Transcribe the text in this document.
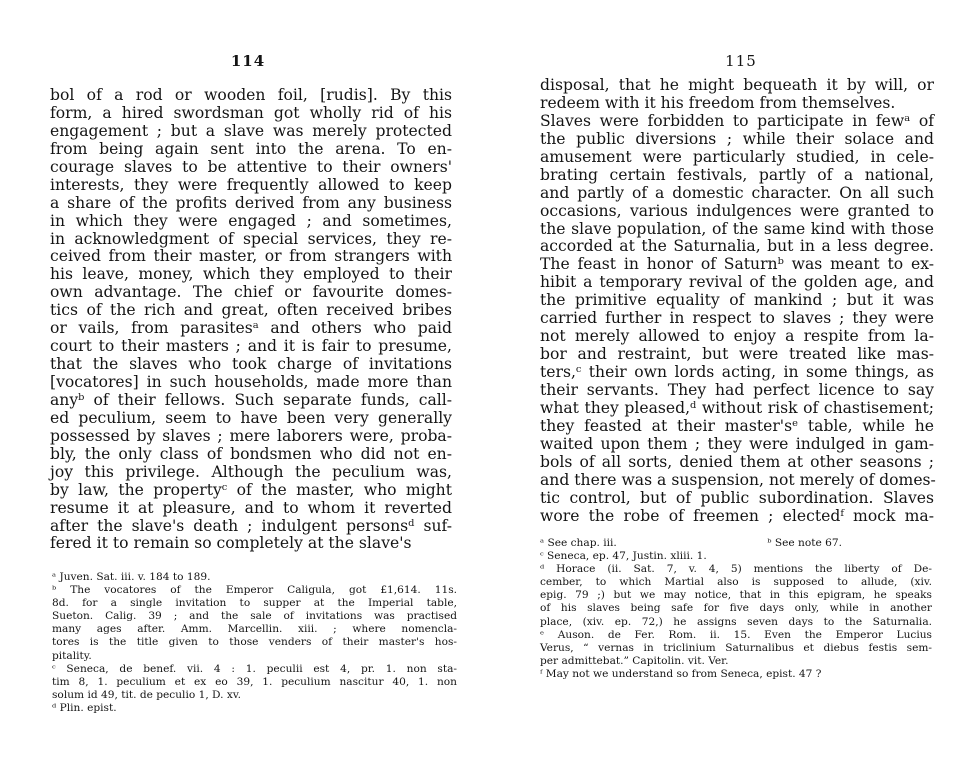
114
bol of a rod or wooden foil, [rudis]. By this
form, a hired swordsman got wholly rid of his
engagement ; but a slave was merely protected
from being again sent into the arena. To en-
courage slaves to be attentive to their owners'
interests, they were frequently allowed to keep
a share of the profits derived from any business
in which they were engaged ; and sometimes,
in acknowledgment of special services, they re-
ceived from their master, or from strangers with
his leave, money, which they employed to their
own advantage. The chief or favourite domes-
tics of the rich and great, often received bribes
or vails, from parasitesᵃ and others who paid
court to their masters ; and it is fair to presume,
that the slaves who took charge of invitations
[vocatores] in such households, made more than
anyᵇ of their fellows. Such separate funds, call-
ed peculium, seem to have been very generally
possessed by slaves ; mere laborers were, proba-
bly, the only class of bondsmen who did not en-
joy this privilege. Although the peculium was,
by law, the propertyᶜ of the master, who might
resume it at pleasure, and to whom it reverted
after the slave's death ; indulgent personsᵈ suf-
fered it to remain so completely at the slave's
ᵃ Juven. Sat. iii. v. 184 to 189.
ᵇ The vocatores of the Emperor Caligula, got £1,614. 11s.
8d. for a single invitation to supper at the Imperial table,
Sueton. Calig. 39 ; and the sale of invitations was practised
many ages after. Amm. Marcellin. xiii. ; where nomencla-
tores is the title given to those venders of their master's hos-
pitality.
ᶜ Seneca, de benef. vii. 4 : 1. peculii est 4, pr. 1. non sta-
tim 8, 1. peculium et ex eo 39, 1. peculium nascitur 40, 1. non
solum id 49, tit. de peculio 1, D. xv.
ᵈ Plin. epist.
115
disposal, that he might bequeath it by will, or
redeem with it his freedom from themselves.
Slaves were forbidden to participate in fewᵃ of
the public diversions ; while their solace and
amusement were particularly studied, in cele-
brating certain festivals, partly of a national,
and partly of a domestic character. On all such
occasions, various indulgences were granted to
the slave population, of the same kind with those
accorded at the Saturnalia, but in a less degree.
The feast in honor of Saturnᵇ was meant to ex-
hibit a temporary revival of the golden age, and
the primitive equality of mankind ; but it was
carried further in respect to slaves ; they were
not merely allowed to enjoy a respite from la-
bor and restraint, but were treated like mas-
ters,ᶜ their own lords acting, in some things, as
their servants. They had perfect licence to say
what they pleased,ᵈ without risk of chastisement;
they feasted at their master'sᵉ table, while he
waited upon them ; they were indulged in gam-
bols of all sorts, denied them at other seasons ;
and there was a suspension, not merely of domes-
tic control, but of public subordination. Slaves
wore the robe of freemen ; electedᶠ mock ma-
ᵃ See chap. iii.	ᵇ See note 67.
ᶜ Seneca, ep. 47, Justin. xliii. 1.
ᵈ Horace (ii. Sat. 7, v. 4, 5) mentions the liberty of De-
cember, to which Martial also is supposed to allude, (xiv.
epig. 79 ;) but we may notice, that in this epigram, he speaks
of his slaves being safe for five days only, while in another
place, (xiv. ep. 72,) he assigns seven days to the Saturnalia.
ᵉ Auson. de Fer. Rom. ii. 15. Even the Emperor Lucius
Verus, “ vernas in triclinium Saturnalibus et diebus festis sem-
per admittebat.” Capitolin. vit. Ver.
ᶠ May not we understand so from Seneca, epist. 47 ?
